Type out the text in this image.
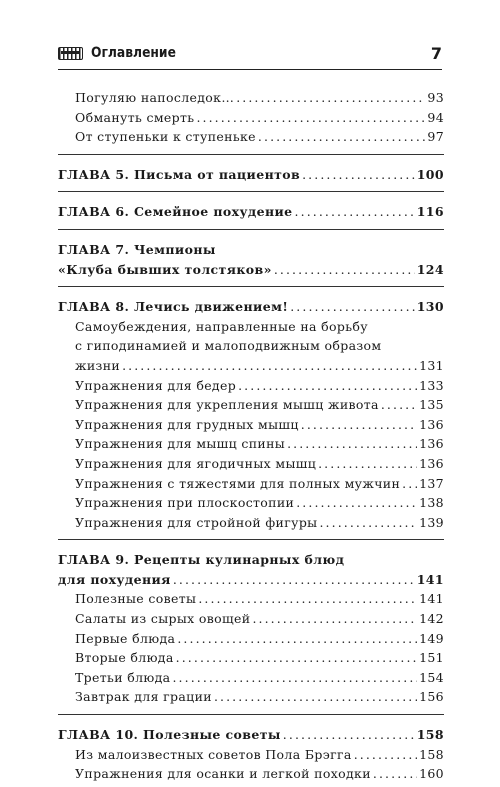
Оглавление	7
Погуляю напоследок… .....	93
Обмануть смерть .....	94
От ступеньки к ступеньке .....	97
ГЛАВА 5. Письма от пациентов .....	100
ГЛАВА 6. Семейное похудение .....	116
ГЛАВА 7. Чемпионы
«Клуба бывших толстяков» .....	124
ГЛАВА 8. Лечись движением! .....	130
Самоубеждения, направленные на борьбу
с гиподинамией и малоподвижным образом
жизни .....	131
Упражнения для бедер .....	133
Упражнения для укрепления мышц живота .....	135
Упражнения для грудных мышц .....	136
Упражнения для мышц спины .....	136
Упражнения для ягодичных мышц .....	136
Упражнения с тяжестями для полных мужчин ..... 137
Упражнения при плоскостопии .....	138
Упражнения для стройной фигуры .....	139
ГЛАВА 9. Рецепты кулинарных блюд
для похудения .....	141
Полезные советы .....	141
Салаты из сырых овощей .....	142
Первые блюда .....	149
Вторые блюда .....	151
Третьи блюда .....	154
Завтрак для грации .....	156
ГЛАВА 10. Полезные советы .....	158
Из малоизвестных советов Пола Брэгга .....	158
Упражнения для осанки и легкой походки .....	160
